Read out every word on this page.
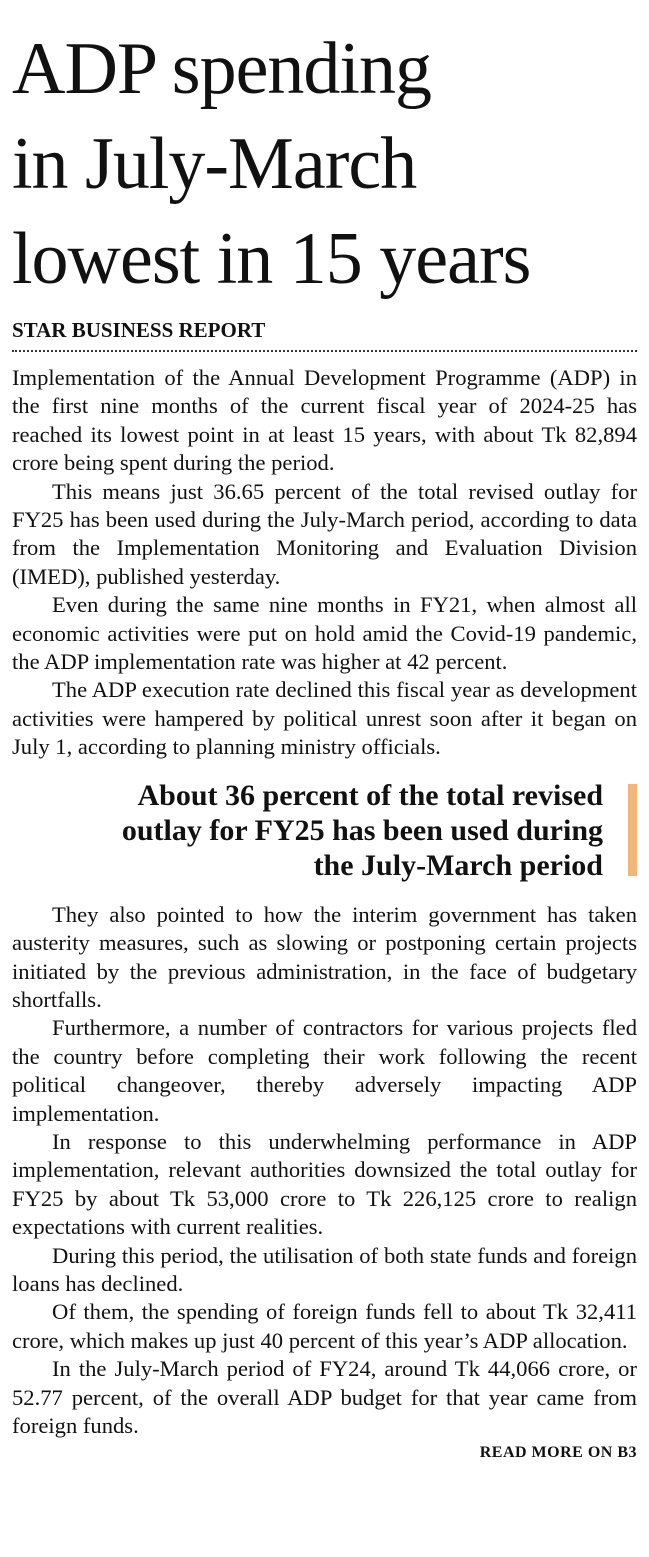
ADP spending
in July-March
lowest in 15 years
STAR BUSINESS REPORT

Implementation of the Annual Development Programme (ADP) in the first nine months of the current fiscal year of 2024-25 has reached its lowest point in at least 15 years, with about Tk 82,894 crore being spent during the period.

This means just 36.65 percent of the total revised outlay for FY25 has been used during the July-March period, according to data from the Implementation Monitoring and Evaluation Division (IMED), published yesterday.

Even during the same nine months in FY21, when almost all economic activities were put on hold amid the Covid-19 pandemic, the ADP implementation rate was higher at 42 percent.

The ADP execution rate declined this fiscal year as development activities were hampered by political unrest soon after it began on July 1, according to planning ministry officials.

About 36 percent of the total revised
outlay for FY25 has been used during
the July-March period

They also pointed to how the interim government has taken austerity measures, such as slowing or postponing certain projects initiated by the previous administration, in the face of budgetary shortfalls.

Furthermore, a number of contractors for various projects fled the country before completing their work following the recent political changeover, thereby adversely impacting ADP implementation.

In response to this underwhelming performance in ADP implementation, relevant authorities downsized the total outlay for FY25 by about Tk 53,000 crore to Tk 226,125 crore to realign expectations with current realities.

During this period, the utilisation of both state funds and foreign loans has declined.

Of them, the spending of foreign funds fell to about Tk 32,411 crore, which makes up just 40 percent of this year’s ADP allocation.

In the July-March period of FY24, around Tk 44,066 crore, or 52.77 percent, of the overall ADP budget for that year came from foreign funds.

READ MORE ON B3
